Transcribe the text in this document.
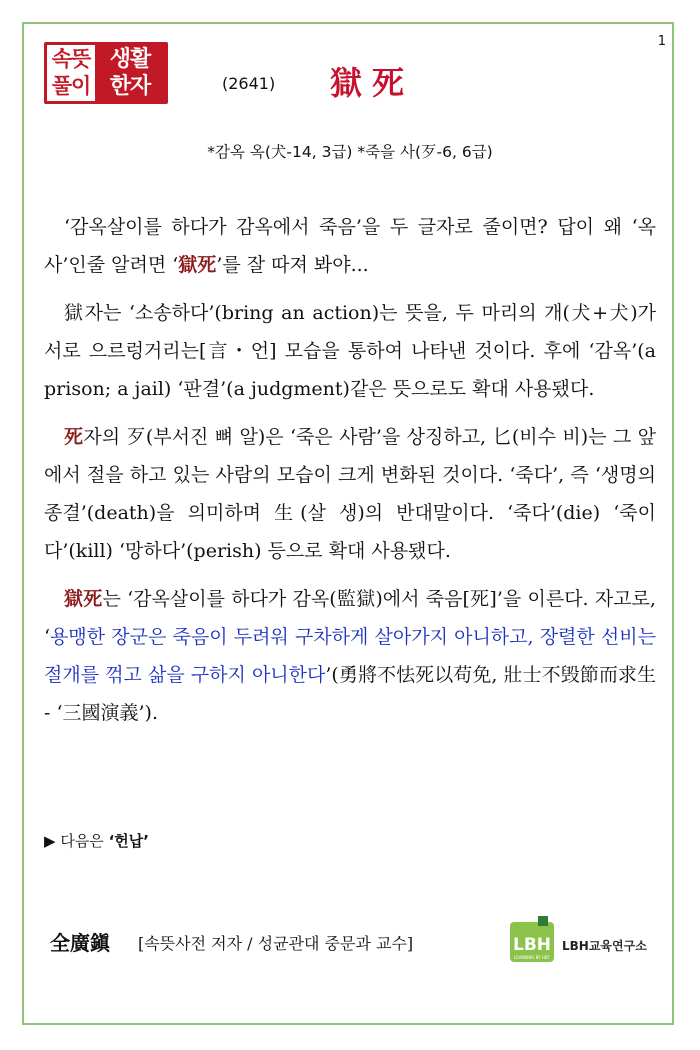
1
속뜻
풀이
생활
한자	(2641) 獄死
*감옥 옥(犬-14, 3급) *죽을 사(歹-6, 6급)

‘감옥살이를 하다가 감옥에서 죽음’을 두 글자로 줄이면? 답이 왜 ‘옥사’인줄 알려면 ‘獄死’를 잘 따져 봐야...

獄자는 ‘소송하다’(bring an action)는 뜻을, 두 마리의 개(犬+犬)가 서로 으르렁거리는[言・언] 모습을 통하여 나타낸 것이다. 후에 ‘감옥’(a prison; a jail) ‘판결’(a judgment)같은 뜻으로도 확대 사용됐다.

死자의 歹(부서진 뼈 알)은 ‘죽은 사람’을 상징하고, 匕(비수 비)는 그 앞에서 절을 하고 있는 사람의 모습이 크게 변화된 것이다. ‘죽다’, 즉 ‘생명의 종결’(death)을 의미하며 生(살 생)의 반대말이다. ‘죽다’(die) ‘죽이다’(kill) ‘망하다’(perish) 등으로 확대 사용됐다.

獄死는 ‘감옥살이를 하다가 감옥(監獄)에서 죽음[死]’을 이른다. 자고로, ‘용맹한 장군은 죽음이 두려워 구차하게 살아가지 아니하고, 장렬한 선비는 절개를 꺾고 삶을 구하지 아니한다’(勇將不怯死以苟免, 壯士不毁節而求生 - ‘三國演義’).

▶ 다음은 ‘헌납’
全廣鎭 [속뜻사전 저자 / 성균관대 중문과 교수]	LBH
LEARNING BY HBT
LBH교육연구소
